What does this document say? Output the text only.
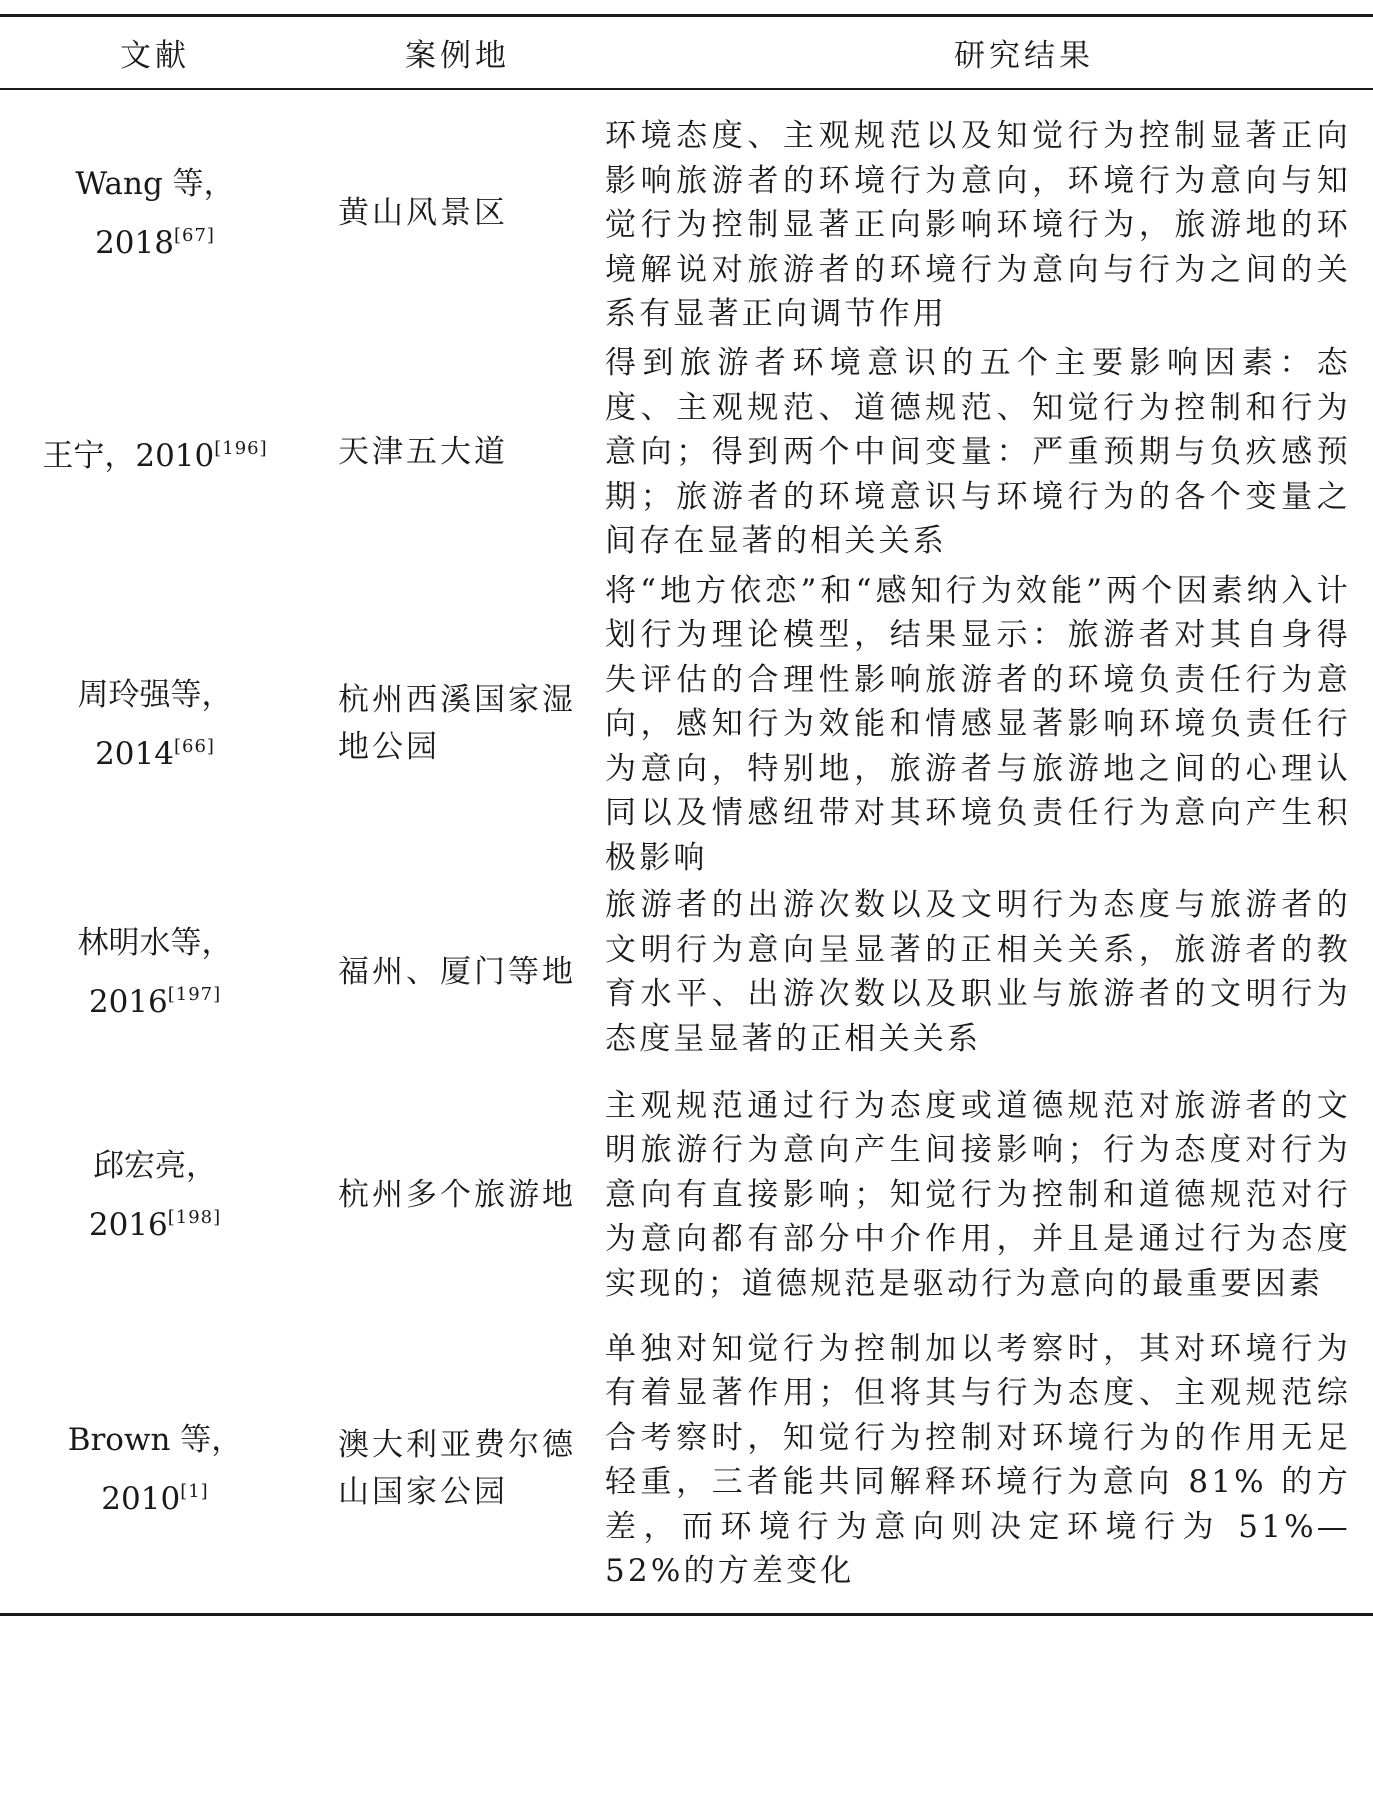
文献	案例地	研究结果

Wang 等，
2018[67]	黄山风景区	环境态度、主观规范以及知觉行为控制显著正向影响旅游者的环境行为意向，环境行为意向与知觉行为控制显著正向影响环境行为，旅游地的环境解说对旅游者的环境行为意向与行为之间的关系有显著正向调节作用

王宁，2010[196]	天津五大道	得到旅游者环境意识的五个主要影响因素：态度、主观规范、道德规范、知觉行为控制和行为意向；得到两个中间变量：严重预期与负疚感预期；旅游者的环境意识与环境行为的各个变量之间存在显著的相关关系

周玲强等，
2014[66]	杭州西溪国家湿地公园	将“地方依恋”和“感知行为效能”两个因素纳入计划行为理论模型，结果显示：旅游者对其自身得失评估的合理性影响旅游者的环境负责任行为意向，感知行为效能和情感显著影响环境负责任行为意向，特别地，旅游者与旅游地之间的心理认同以及情感纽带对其环境负责任行为意向产生积极影响

林明水等，
2016[197]	福州、厦门等地	旅游者的出游次数以及文明行为态度与旅游者的文明行为意向呈显著的正相关关系，旅游者的教育水平、出游次数以及职业与旅游者的文明行为态度呈显著的正相关关系

邱宏亮，
2016[198]	杭州多个旅游地	主观规范通过行为态度或道德规范对旅游者的文明旅游行为意向产生间接影响；行为态度对行为意向有直接影响；知觉行为控制和道德规范对行为意向都有部分中介作用，并且是通过行为态度实现的；道德规范是驱动行为意向的最重要因素

Brown 等，
2010[1]	澳大利亚费尔德山国家公园	单独对知觉行为控制加以考察时，其对环境行为有着显著作用；但将其与行为态度、主观规范综合考察时，知觉行为控制对环境行为的作用无足轻重，三者能共同解释环境行为意向 81% 的方差，而环境行为意向则决定环境行为 51%—52%的方差变化
